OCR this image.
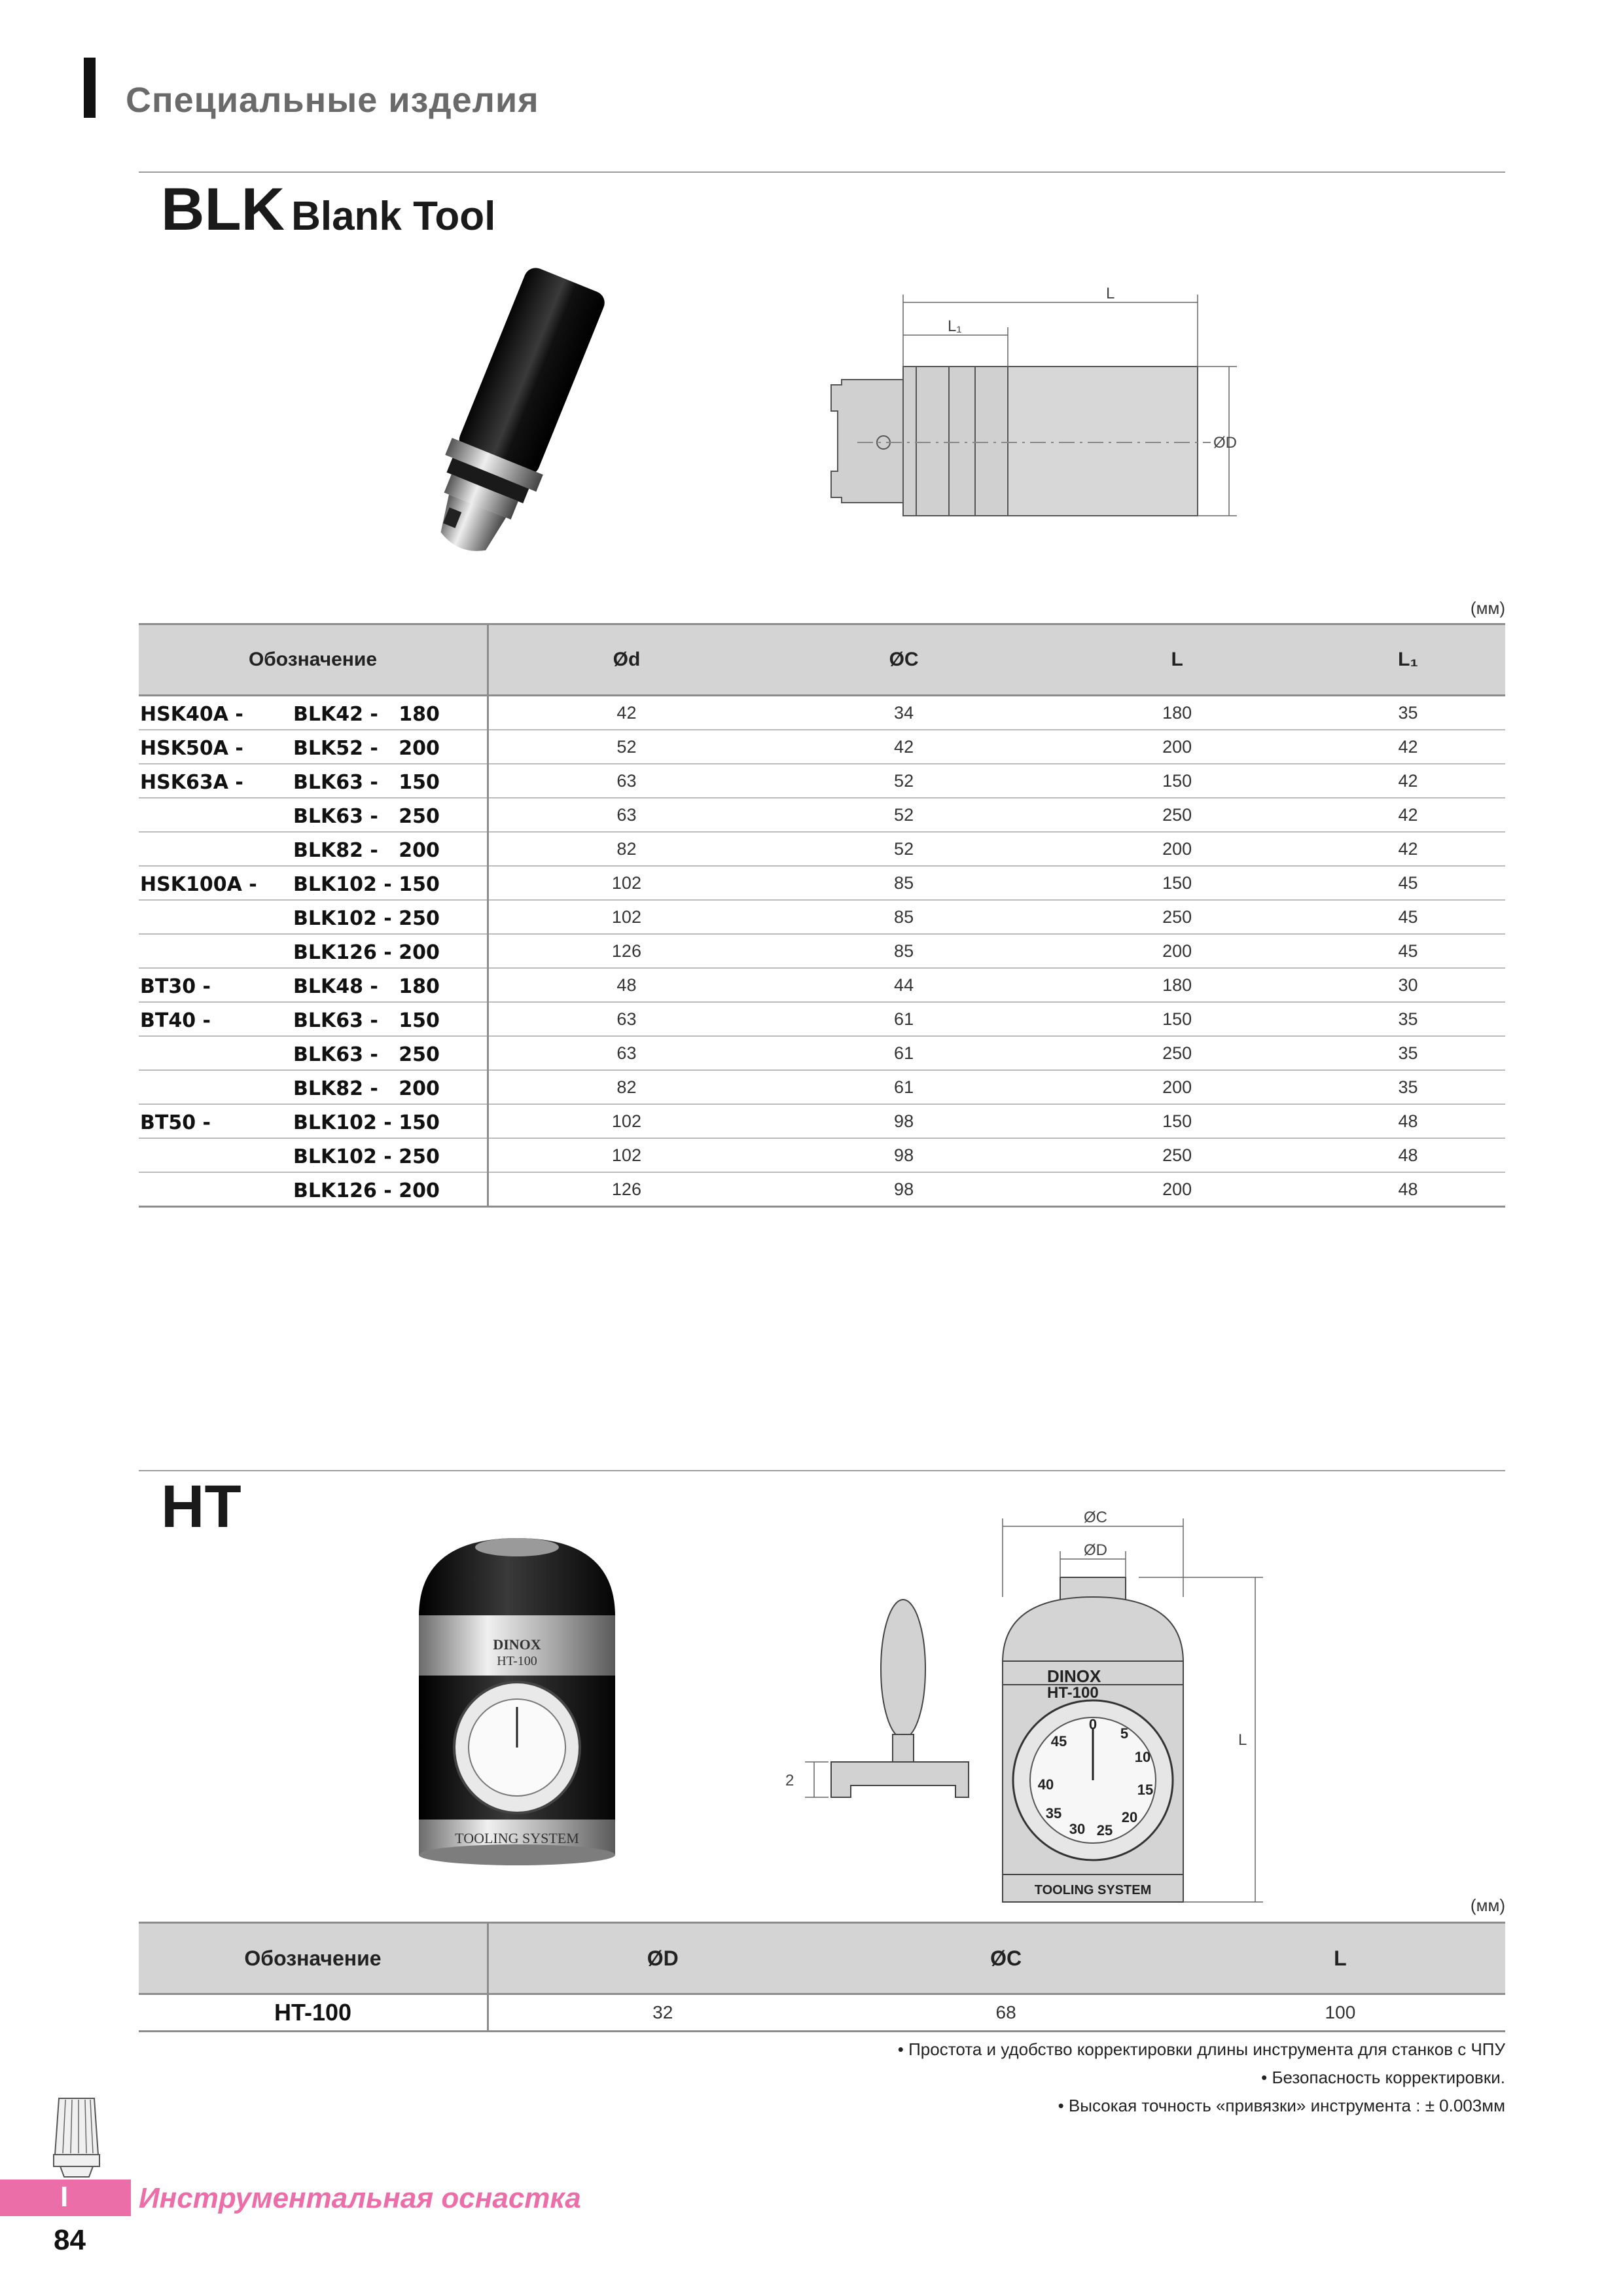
Специальные изделия
BLK Blank Tool
L
L₁
ØD
(мм)
Обозначение	Ød	ØC	L	L₁

HSK40A - BLK42 -   180	42	34	180	35

HSK50A - BLK52 -   200	52	42	200	42

HSK63A - BLK63 -   150	63	52	150	42

BLK63 -   250	63	52	250	42

BLK82 -   200	82	52	200	42

HSK100A - BLK102 - 150	102	85	150	45

BLK102 - 250	102	85	250	45

BLK126 - 200	126	85	200	45

BT30 - BLK48 -   180	48	44	180	30

BT40 - BLK63 -   150	63	61	150	35

BLK63 -   250	63	61	250	35

BLK82 -   200	82	61	200	35

BT50 - BLK102 - 150	102	98	150	48

BLK102 - 250	102	98	250	48

BLK126 - 200	126	98	200	48
HT
DINOX
HT-100
TOOLING SYSTEM
2
0
5
10
15
20
25
30
35
40
45
DINOX
HT-100
TOOLING SYSTEM
ØC
ØD
L
(мм)
Обозначение	ØD	ØC	L
HT-100	32	68	100
• Простота и удобство корректировки длины инструмента для станков с ЧПУ
• Безопасность корректировки.
• Высокая точность «привязки» инструмента : ± 0.003мм
I Инструментальная оснастка
84
